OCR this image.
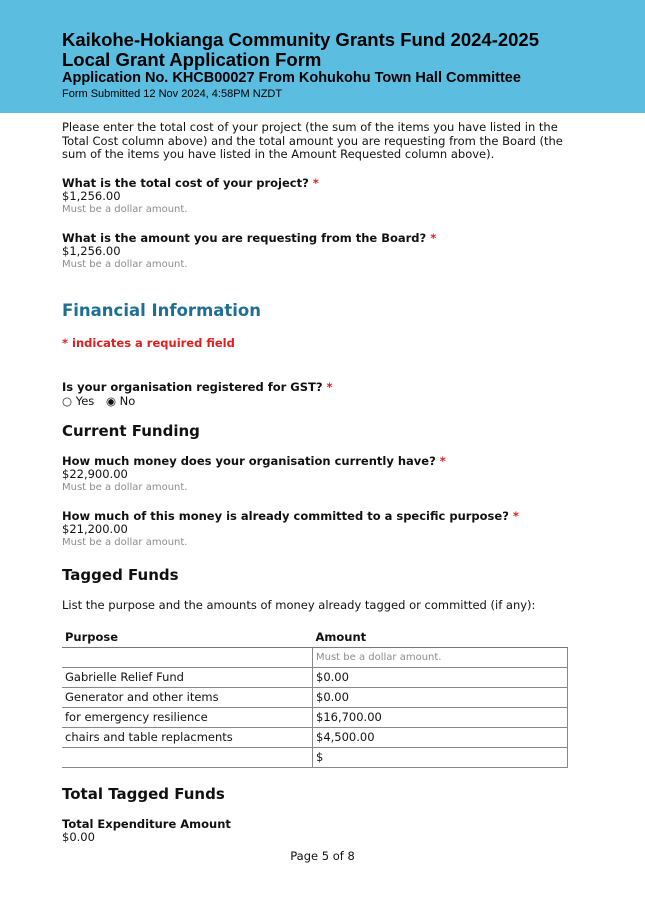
Kaikohe-Hokianga Community Grants Fund 2024-2025
Local Grant Application Form
Application No. KHCB00027 From Kohukohu Town Hall Committee
Form Submitted 12 Nov 2024, 4:58PM NZDT

Please enter the total cost of your project (the sum of the items you have listed in the Total Cost column above) and the total amount you are requesting from the Board (the sum of the items you have listed in the Amount Requested column above).

What is the total cost of your project? *
$1,256.00
Must be a dollar amount.
What is the amount you are requesting from the Board? *
$1,256.00
Must be a dollar amount.
Financial Information
* indicates a required field
Is your organisation registered for GST? *
○ Yes ◉ No
Current Funding
How much money does your organisation currently have? *
$22,900.00
Must be a dollar amount.
How much of this money is already committed to a specific purpose? *
$21,200.00
Must be a dollar amount.
Tagged Funds
List the purpose and the amounts of money already tagged or committed (if any):
Purpose	Amount
	Must be a dollar amount.
Gabrielle Relief Fund	$0.00
Generator and other items	$0.00
for emergency resilience	$16,700.00
chairs and table replacments	$4,500.00
	$
Total Tagged Funds
Total Expenditure Amount
$0.00
Page 5 of 8
